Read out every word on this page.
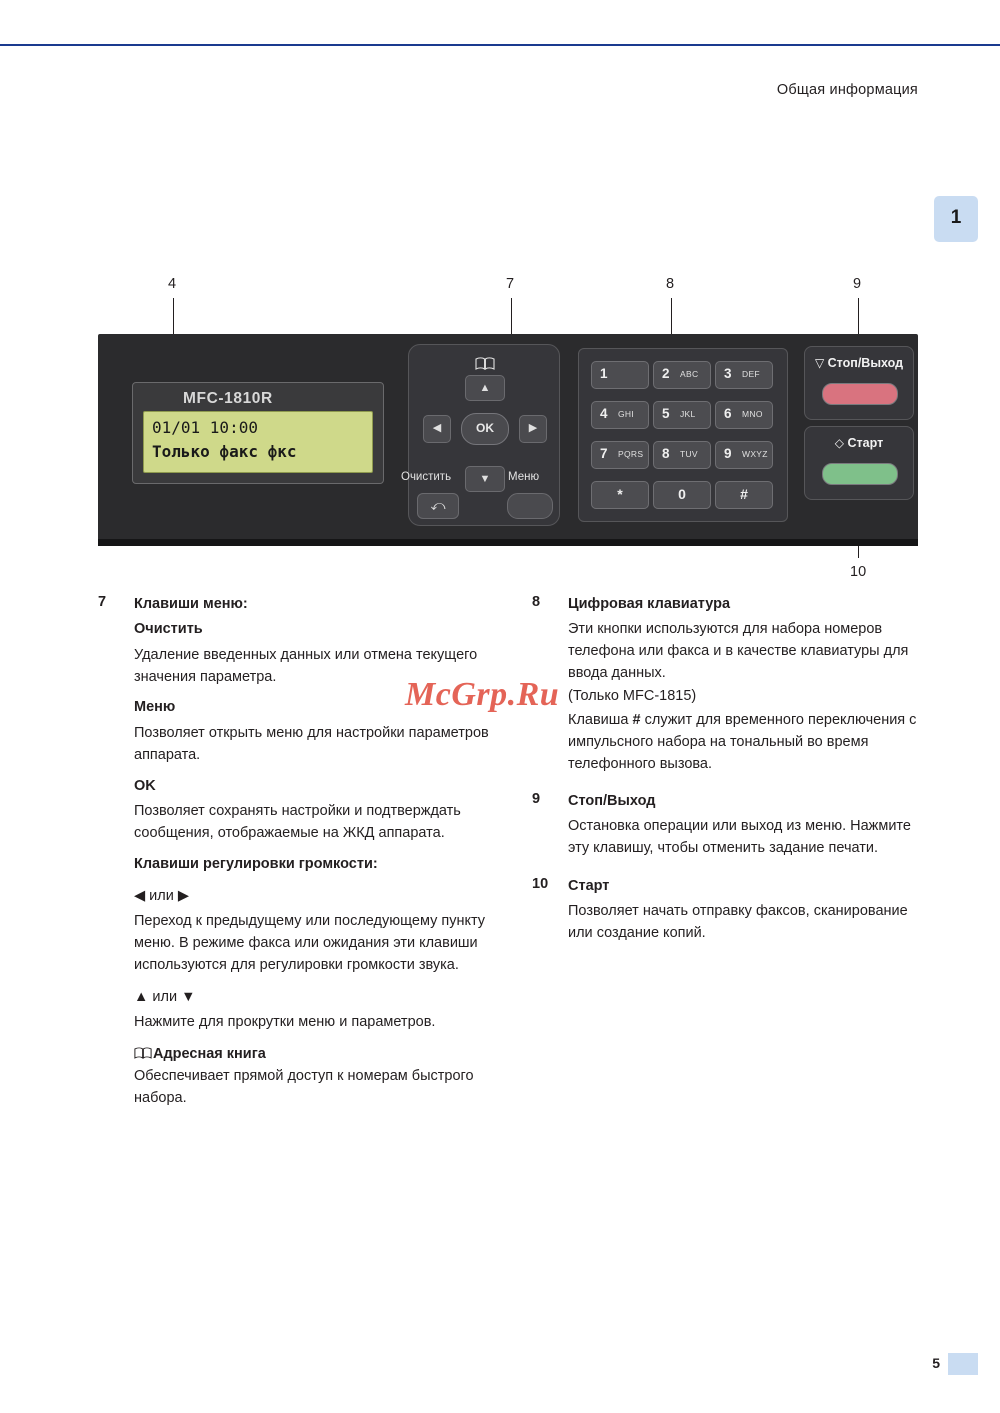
Общая информация
1
4	7	8	9
10
MFC-1810R
01/01 10:00
Только факс фкс
▲
◀	OK	▶
▼
⤺
Очистить	Меню
1	2 ABC 3 DEF
4 GHI 5 JKL 6 MNO
7 PQRS 8 TUV 9 WXYZ
*	0	#
▽ Стоп/Выход
◇ Старт
7	Клавиши меню:
Очистить
Удаление введенных данных или отмена текущего значения параметра.
Меню
Позволяет открыть меню для настройки параметров аппарата.
OK
Позволяет сохранять настройки и подтверждать сообщения, отображаемые на ЖКД аппарата.
Клавиши регулировки громкости:
◀ или ▶
Переход к предыдущему или последующему пункту меню. В режиме факса или ожидания эти клавиши используются для регулировки громкости звука.
▲ или ▼
Нажмите для прокрутки меню и параметров.
Адресная книга
Обеспечивает прямой доступ к номерам быстрого набора.
8	Цифровая клавиатура
Эти кнопки используются для набора номеров телефона или факса и в качестве клавиатуры для ввода данных.
(Только MFC-1815)
Клавиша # служит для временного переключения с импульсного набора на тональный во время телефонного вызова.
9	Стоп/Выход
Остановка операции или выход из меню. Нажмите эту клавишу, чтобы отменить задание печати.
10	Старт
Позволяет начать отправку факсов, сканирование или создание копий.
McGrp.Ru
5
